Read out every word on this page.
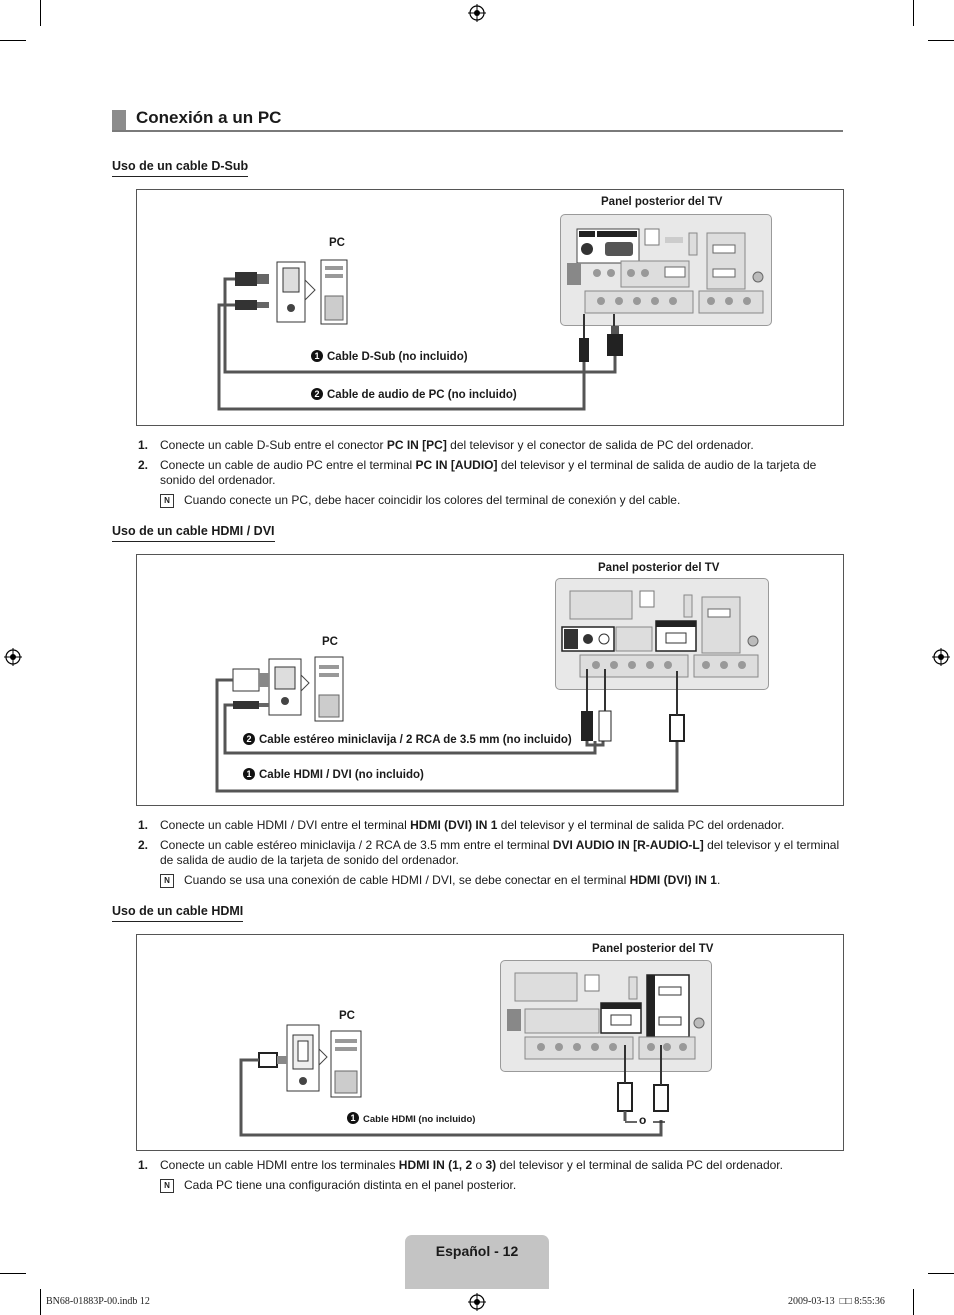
Conexión a un PC
Uso de un cable D-Sub
Panel posterior del TV
PC
1 Cable D-Sub (no incluido)
2 Cable de audio de PC (no incluido)
1. Conecte un cable D-Sub entre el conector PC IN [PC] del televisor y el conector de salida de PC del ordenador.
2. Conecte un cable de audio PC entre el terminal PC IN [AUDIO] del televisor y el terminal de salida de audio de la tarjeta de sonido del ordenador.
N	Cuando conecte un PC, debe hacer coincidir los colores del terminal de conexión y del cable.
Uso de un cable HDMI / DVI
Panel posterior del TV
PC
2 Cable estéreo miniclavija / 2 RCA de 3.5 mm (no incluido)
1 Cable HDMI / DVI (no incluido)
1. Conecte un cable HDMI / DVI entre el terminal HDMI (DVI) IN 1 del televisor y el terminal de salida PC del ordenador.
2. Conecte un cable estéreo miniclavija / 2 RCA de 3.5 mm entre el terminal DVI AUDIO IN [R-AUDIO-L] del televisor y el terminal de salida de audio de la tarjeta de sonido del ordenador.
N	Cuando se usa una conexión de cable HDMI / DVI, se debe conectar en el terminal HDMI (DVI) IN 1.
Uso de un cable HDMI
Panel posterior del TV
PC
1 Cable HDMI (no incluido)	o
1. Conecte un cable HDMI entre los terminales HDMI IN (1, 2 o 3) del televisor y el terminal de salida PC del ordenador.
N	Cada PC tiene una configuración distinta en el panel posterior.
Español - 12
BN68-01883P-00.indb 12	2009-03-13 □□ 8:55:36
